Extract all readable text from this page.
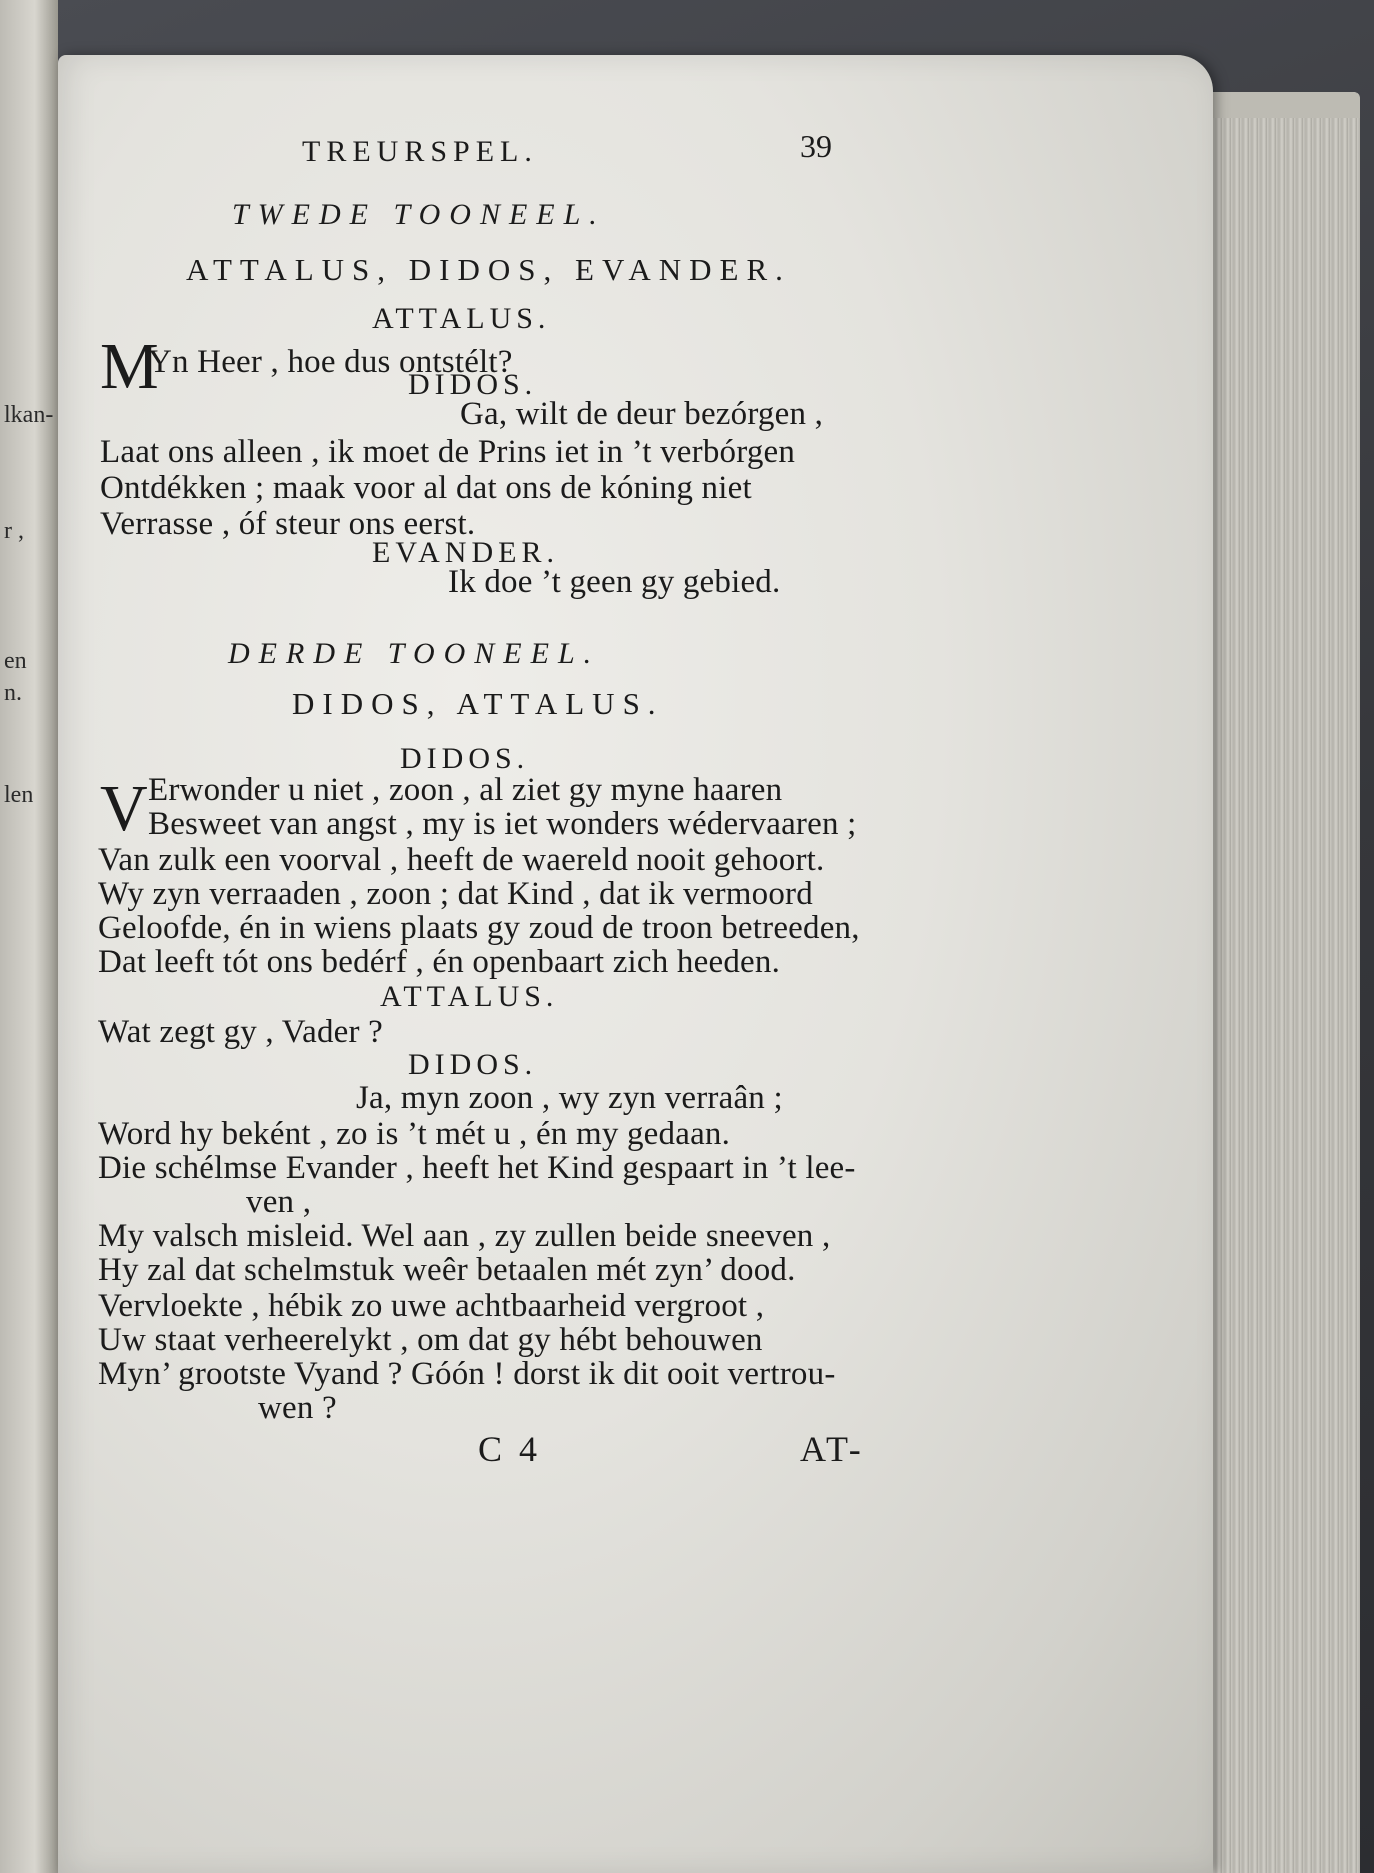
lkan-
r ,
en
n.
len
TREURSPEL.	39
TWEDE TOONEEL.
ATTALUS, DIDOS, EVANDER.
ATTALUS.
M
Yn Heer , hoe dus ontstélt?
DIDOS.
Ga, wilt de deur bezórgen ,
Laat ons alleen , ik moet de Prins iet in ’t verbórgen
Ontdékken ; maak voor al dat ons de kóning niet
Verrasse , óf steur ons eerst.
EVANDER.
Ik doe ’t geen gy gebied.
DERDE TOONEEL.
DIDOS, ATTALUS.
DIDOS.
V Erwonder u niet , zoon , al ziet gy myne haaren
Besweet van angst , my is iet wonders wédervaaren ;
Van zulk een voorval , heeft de waereld nooit gehoort.
Wy zyn verraaden , zoon ; dat Kind , dat ik vermoord
Geloofde, én in wiens plaats gy zoud de troon betreeden,
Dat leeft tót ons bedérf , én openbaart zich heeden.
ATTALUS.
Wat zegt gy , Vader ?
DIDOS.
Ja, myn zoon , wy zyn verraân ;
Word hy beként , zo is ’t mét u , én my gedaan.
Die schélmse Evander , heeft het Kind gespaart in ’t lee-
ven ,
My valsch misleid. Wel aan , zy zullen beide sneeven ,
Hy zal dat schelmstuk weêr betaalen mét zyn’ dood.
Vervloekte , hébik zo uwe achtbaarheid vergroot ,
Uw staat verheerelykt , om dat gy hébt behouwen
Myn’ grootste Vyand ? Góón ! dorst ik dit ooit vertrou-
wen ?
C 4	AT-
